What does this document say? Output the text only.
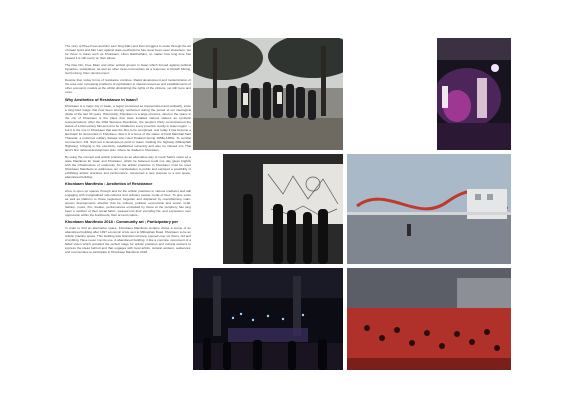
The story of Phee Kuan and Mor Lam Sing Pahn and their struggles to resist through the art of Isaan lyrics and Mor Lam against state mechanisms has never been seen elsewhere, but for those in Isaan such as Khonkaen, Ubon Ratchathani, no matter how long time has passed it is still overly on their elbow.

The Dao Din, Free Dkan and other activist groups in Isaan which formed against political injustices, workplaces, as well as other local communities as a response to Potash Mining, Gold mining, Dam, Environment.

Despite that, today forms of resistance continue. Rapid development and modernization of the area over increasing problems of exploitation in natural resources and establishments of other economic models at the whilst diminishing the rights of the citizens, yet still more and more.

Why Aesthetics of Resistance in Isaan?

Khonkaen is a major city in Isaan, a region perceived as impoverished and politically, since a long-held image that how been wrongly reinforced during the period of our ideological divide of the last 30 years. Historically, Khonkaen is a large province, where's the space in the city of Khonkaen is the place that state installed various statues as symbolic representations. After the 1932 Siamese Revolution, the people's Party commissioned the statue of a Democracy Movement to be installed in every province mostly in Isaan region — but it is the one in Khonkaen that was the first to be completed, and today it has become a landmark for democratic in Khonkaen. Also it is a home of the statue of Field Marshall Sarit Thanarat, a notorious military dictator who ruled Thailand during 1958s-1960s. To combat communism, FM. Sarit led a development push in Isaan, building the highway (Mittraphab Highway), bringing in the electricity, established university and also he infused into Thai land's first national development plan, where he drafted in Khonkaen.

By using the concept and artistic practices as an alternative way to mock Sarit's vision as a state Manifesto for Isaan and Khonkaen, which he believed could one day glean brightly with the infrastructure of modernity. So the artistic practices in Khonkaen must be used Khonkaen Manifesto to addresses our manifestation to public and explored a possibility of exhibiting artistic practices and performance, reinvented a new purpose to a lost space, abandoned building.

Khonkaen Manifesto : Aesthetics of Resistance

Aims to open up spaces through and for the artistic practices in various mediums and talk engaging with marginalised sub-cultures and ordinary people mode of lives. To give voice as well as platform to those neglected, forgotten and displaced by overwhelming main-stream developments whether that be cultural, political, economical and social. Craft, fashion, music, film, theatre, performances embodied by those at the periphery has long been a medium of their social fabric, weaved into their everyday life, and expression over oppression within the livelihoods, their art and culture.

Khonkaen Manifesto 2018 : Community art ; Participatory per

In order to find an alternative space, Khonkaen Manifesto workers chose a venue of an abandoned building after 1997 economic crisis next to Mittraphap Road. Khonkaen to be an artistic practice space. This building was financial company opened over six floors, old and crumbling. Have never met its use. A abandoned building, it like a concrete monument of a failed vision which provided the perfect stage for artistic practices and cultural workers to impress the ideas behind and that engages with local artists, cultural workers, audiences, and communities to participate in Khonkaen Manifesto 2018.
